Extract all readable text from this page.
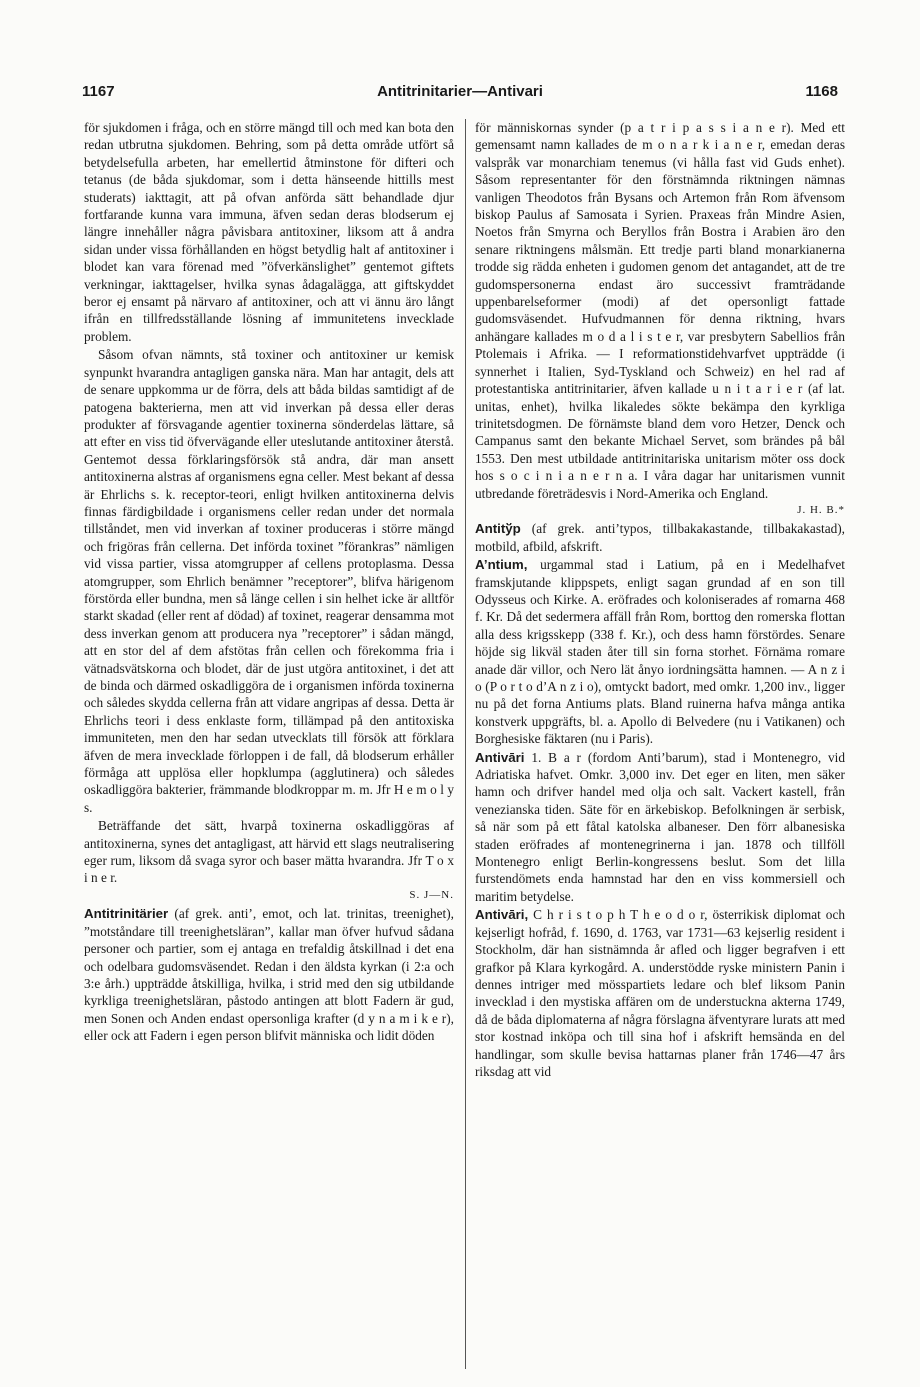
1167	Antitrinitarier—Antivari	1168

för sjukdomen i fråga, och en större mängd till och med kan bota den redan utbrutna sjukdomen. Behring, som på detta område utfört så betydelsefulla arbeten, har emellertid åtminstone för difteri och tetanus (de båda sjukdomar, som i detta hänseende hittills mest studerats) iakttagit, att på ofvan anförda sätt behandlade djur fortfarande kunna vara immuna, äfven sedan deras blodserum ej längre innehåller några påvisbara antitoxiner, liksom att å andra sidan under vissa förhållanden en högst betydlig halt af antitoxiner i blodet kan vara förenad med ”öfverkänslighet” gentemot giftets verkningar, iakttagelser, hvilka synas ådagalägga, att giftskyddet beror ej ensamt på närvaro af antitoxiner, och att vi ännu äro långt ifrån en tillfredsställande lösning af immunitetens invecklade problem.

Såsom ofvan nämnts, stå toxiner och antitoxiner ur kemisk synpunkt hvarandra antagligen ganska nära. Man har antagit, dels att de senare uppkomma ur de förra, dels att båda bildas samtidigt af de patogena bakterierna, men att vid inverkan på dessa eller deras produkter af försvagande agentier toxinerna sönderdelas lättare, så att efter en viss tid öfvervägande eller uteslutande antitoxiner återstå. Gentemot dessa förklaringsförsök stå andra, där man ansett antitoxinerna alstras af organismens egna celler. Mest bekant af dessa är Ehrlichs s. k. receptor-teori, enligt hvilken antitoxinerna delvis finnas färdigbildade i organismens celler redan under det normala tillståndet, men vid inverkan af toxiner produceras i större mängd och frigöras från cellerna. Det införda toxinet ”förankras” nämligen vid vissa partier, vissa atomgrupper af cellens protoplasma. Dessa atomgrupper, som Ehrlich benämner ”receptorer”, blifva härigenom förstörda eller bundna, men så länge cellen i sin helhet icke är alltför starkt skadad (eller rent af dödad) af toxinet, reagerar densamma mot dess inverkan genom att producera nya ”receptorer” i sådan mängd, att en stor del af dem afstötas från cellen och förekomma fria i vätnadsvätskorna och blodet, där de just utgöra antitoxinet, i det att de binda och därmed oskadliggöra de i organismen införda toxinerna och således skydda cellerna från att vidare angripas af dessa. Detta är Ehrlichs teori i dess enklaste form, tillämpad på den antitoxiska immuniteten, men den har sedan utvecklats till försök att förklara äfven de mera invecklade förloppen i de fall, då blodserum erhåller förmåga att upplösa eller hopklumpa (agglutinera) och således oskadliggöra bakterier, främmande blodkroppar m. m. Jfr H e m o l y s.

Beträffande det sätt, hvarpå toxinerna oskadliggöras af antitoxinerna, synes det antagligast, att härvid ett slags neutralisering eger rum, liksom då svaga syror och baser mätta hvarandra. Jfr T o x i n e r.
S. J—N.

Antitrinitärier (af grek. anti’, emot, och lat. trinitas, treenighet), ”motståndare till treenighetsläran”, kallar man öfver hufvud sådana personer och partier, som ej antaga en trefaldig åtskillnad i det ena och odelbara gudomsväsendet. Redan i den äldsta kyrkan (i 2:a och 3:e årh.) uppträdde åtskilliga, hvilka, i strid med den sig utbildande kyrkliga treenighetsläran, påstodo antingen att blott Fadern är gud, men Sonen och Anden endast opersonliga krafter (d y n a m i k e r), eller ock att Fadern i egen person blifvit människa och lidit döden

för människornas synder (p a t r i p a s s i a n e r). Med ett gemensamt namn kallades de m o n a r k i a n e r, emedan deras valspråk var monarchiam tenemus (vi hålla fast vid Guds enhet). Såsom representanter för den förstnämnda riktningen nämnas vanligen Theodotos från Bysans och Artemon från Rom äfvensom biskop Paulus af Samosata i Syrien. Praxeas från Mindre Asien, Noetos från Smyrna och Beryllos från Bostra i Arabien äro den senare riktningens målsmän. Ett tredje parti bland monarkianerna trodde sig rädda enheten i gudomen genom det antagandet, att de tre gudomspersonerna endast äro successivt framträdande uppenbarelseformer (modi) af det opersonligt fattade gudomsväsendet. Hufvudmannen för denna riktning, hvars anhängare kallades m o d a l i s t e r, var presbytern Sabellios från Ptolemais i Afrika. — I reformationstidehvarfvet uppträdde (i synnerhet i Italien, Syd-Tyskland och Schweiz) en hel rad af protestantiska antitrinitarier, äfven kallade u n i t a r i e r (af lat. unitas, enhet), hvilka likaledes sökte bekämpa den kyrkliga trinitetsdogmen. De förnämste bland dem voro Hetzer, Denck och Campanus samt den bekante Michael Servet, som brändes på bål 1553. Den mest utbildade antitrinitariska unitarism möter oss dock hos s o c i n i a n e r n a. I våra dagar har unitarismen vunnit utbredande företrädesvis i Nord-Amerika och England.
J. H. B.*

Antitўp (af grek. anti’typos, tillbakakastande, tillbakakastad), motbild, afbild, afskrift.

A’ntium, urgammal stad i Latium, på en i Medelhafvet framskjutande klippspets, enligt sagan grundad af en son till Odysseus och Kirke. A. eröfrades och koloniserades af romarna 468 f. Kr. Då det sedermera affäll från Rom, borttog den romerska flottan alla dess krigsskepp (338 f. Kr.), och dess hamn förstördes. Senare höjde sig likväl staden åter till sin forna storhet. Förnäma romare anade där villor, och Nero lät ånyo iordningsätta hamnen. — A n z i o (P o r t o d’A n z i o), omtyckt badort, med omkr. 1,200 inv., ligger nu på det forna Antiums plats. Bland ruinerna hafva många antika konstverk uppgräfts, bl. a. Apollo di Belvedere (nu i Vatikanen) och Borghesiske fäktaren (nu i Paris).

Antivāri 1. B a r (fordom Anti’barum), stad i Montenegro, vid Adriatiska hafvet. Omkr. 3,000 inv. Det eger en liten, men säker hamn och drifver handel med olja och salt. Vackert kastell, från venezianska tiden. Säte för en ärkebiskop. Befolkningen är serbisk, så när som på ett fåtal katolska albaneser. Den förr albanesiska staden eröfrades af montenegrinerna i jan. 1878 och tillföll Montenegro enligt Berlin-kongressens beslut. Som det lilla furstendömets enda hamnstad har den en viss kommersiell och maritim betydelse.

Antivāri, C h r i s t o p h T h e o d o r, österrikisk diplomat och kejserligt hofråd, f. 1690, d. 1763, var 1731—63 kejserlig resident i Stockholm, där han sistnämnda år afled och ligger begrafven i ett grafkor på Klara kyrkogård. A. understödde ryske ministern Panin i dennes intriger med mösspartiets ledare och blef liksom Panin invecklad i den mystiska affären om de understuckna akterna 1749, då de båda diplomaterna af några förslagna äfventyrare lurats att med stor kostnad inköpa och till sina hof i afskrift hemsända en del handlingar, som skulle bevisa hattarnas planer från 1746—47 års riksdag att vid
